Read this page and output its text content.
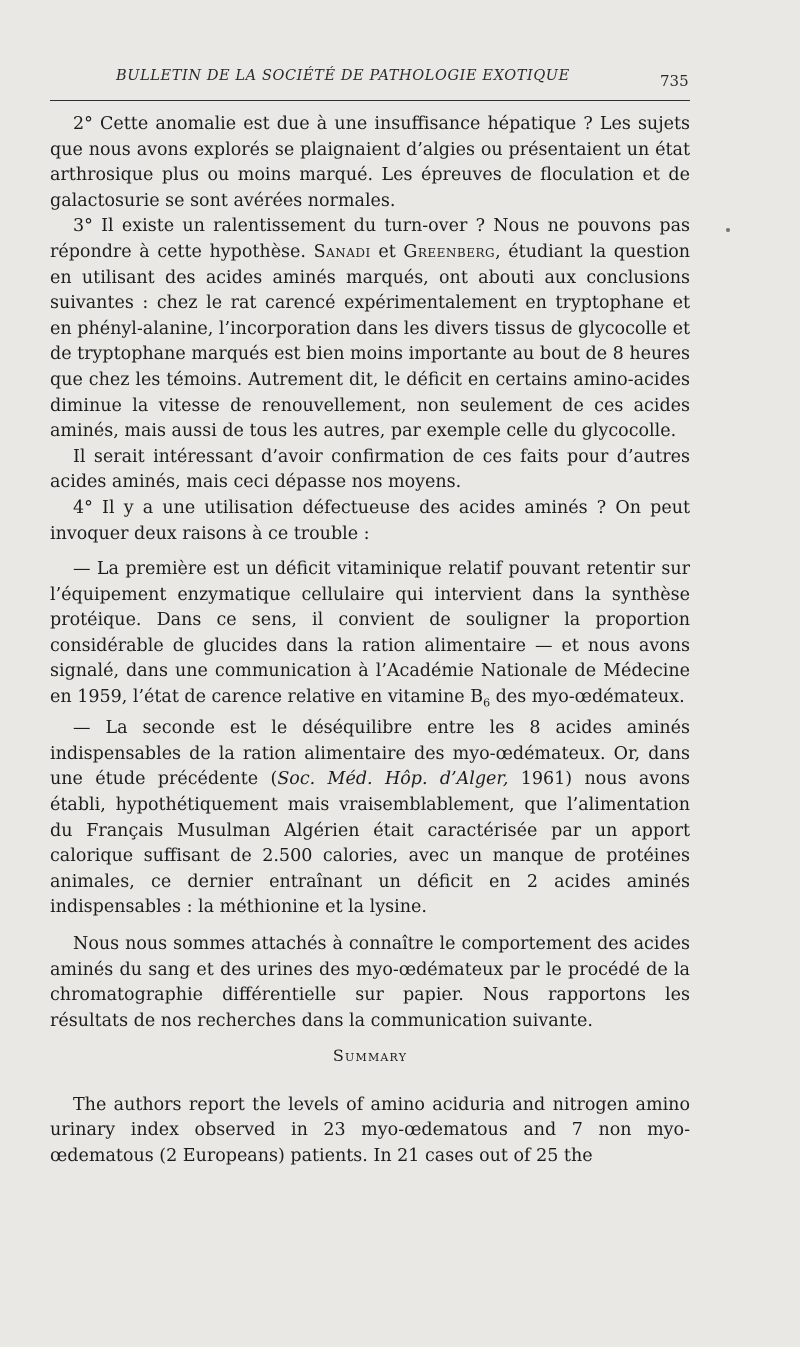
BULLETIN DE LA SOCIÉTÉ DE PATHOLOGIE EXOTIQUE	735

2° Cette anomalie est due à une insuffisance hépatique ? Les sujets que nous avons explorés se plaignaient d’algies ou présentaient un état arthrosique plus ou moins marqué. Les épreuves de floculation et de galactosurie se sont avérées normales.

3° Il existe un ralentissement du turn-over ? Nous ne pouvons pas répondre à cette hypothèse. Sanadi et Greenberg, étudiant la question en utilisant des acides aminés marqués, ont abouti aux conclusions suivantes : chez le rat carencé expérimentalement en tryptophane et en phényl-alanine, l’incorporation dans les divers tissus de glycocolle et de tryptophane marqués est bien moins importante au bout de 8 heures que chez les témoins. Autrement dit, le déficit en certains amino-acides diminue la vitesse de renouvellement, non seulement de ces acides aminés, mais aussi de tous les autres, par exemple celle du glycocolle.

Il serait intéressant d’avoir confirmation de ces faits pour d’autres acides aminés, mais ceci dépasse nos moyens.

4° Il y a une utilisation défectueuse des acides aminés ? On peut invoquer deux raisons à ce trouble :

— La première est un déficit vitaminique relatif pouvant retentir sur l’équipement enzymatique cellulaire qui intervient dans la synthèse protéique. Dans ce sens, il convient de souligner la proportion considérable de glucides dans la ration alimentaire — et nous avons signalé, dans une communication à l’Académie Nationale de Médecine en 1959, l’état de carence relative en vitamine $B_6$ des myo-œdémateux.

— La seconde est le déséquilibre entre les 8 acides aminés indispensables de la ration alimentaire des myo-œdémateux. Or, dans une étude précédente (Soc. Méd. Hôp. d’Alger, 1961) nous avons établi, hypothétiquement mais vraisemblablement, que l’alimentation du Français Musulman Algérien était caractérisée par un apport calorique suffisant de 2.500 calories, avec un manque de protéines animales, ce dernier entraînant un déficit en 2 acides aminés indispensables : la méthionine et la lysine.

Nous nous sommes attachés à connaître le comportement des acides aminés du sang et des urines des myo-œdémateux par le procédé de la chromatographie différentielle sur papier. Nous rapportons les résultats de nos recherches dans la communication suivante.

Summary

The authors report the levels of amino aciduria and nitrogen amino urinary index observed in 23 myo-œdematous and 7 non myo-œdematous (2 Europeans) patients. In 21 cases out of 25 the
